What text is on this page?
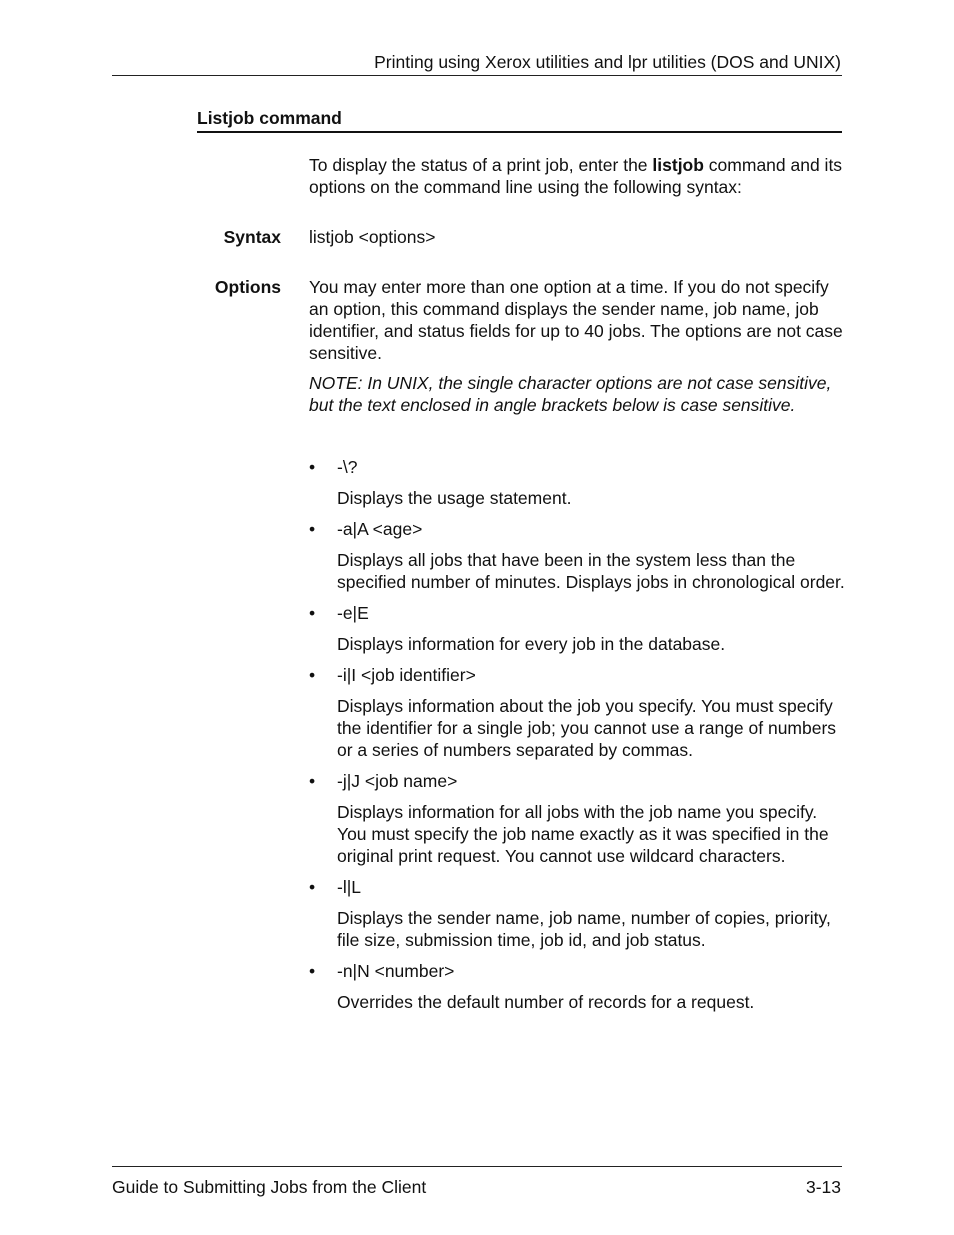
Printing using Xerox utilities and lpr utilities (DOS and UNIX)
Listjob command
To display the status of a print job, enter the listjob command and its options on the command line using the following syntax:
Syntax listjob <options>
Options You may enter more than one option at a time. If you do not specify an option, this command displays the sender name, job name, job identifier, and status fields for up to 40 jobs. The options are not case sensitive.
NOTE: In UNIX, the single character options are not case sensitive, but the text enclosed in angle brackets below is case sensitive.
•	-\?
Displays the usage statement.
•	-a|A <age>
Displays all jobs that have been in the system less than the specified number of minutes. Displays jobs in chronological order.
•	-e|E
Displays information for every job in the database.
•	-i|I <job identifier>
Displays information about the job you specify. You must specify the identifier for a single job; you cannot use a range of numbers or a series of numbers separated by commas.
•	-j|J <job name>
Displays information for all jobs with the job name you specify. You must specify the job name exactly as it was specified in the original print request. You cannot use wildcard characters.
•	-l|L
Displays the sender name, job name, number of copies, priority, file size, submission time, job id, and job status.
•	-n|N <number>
Overrides the default number of records for a request.
Guide to Submitting Jobs from the Client	3-13
